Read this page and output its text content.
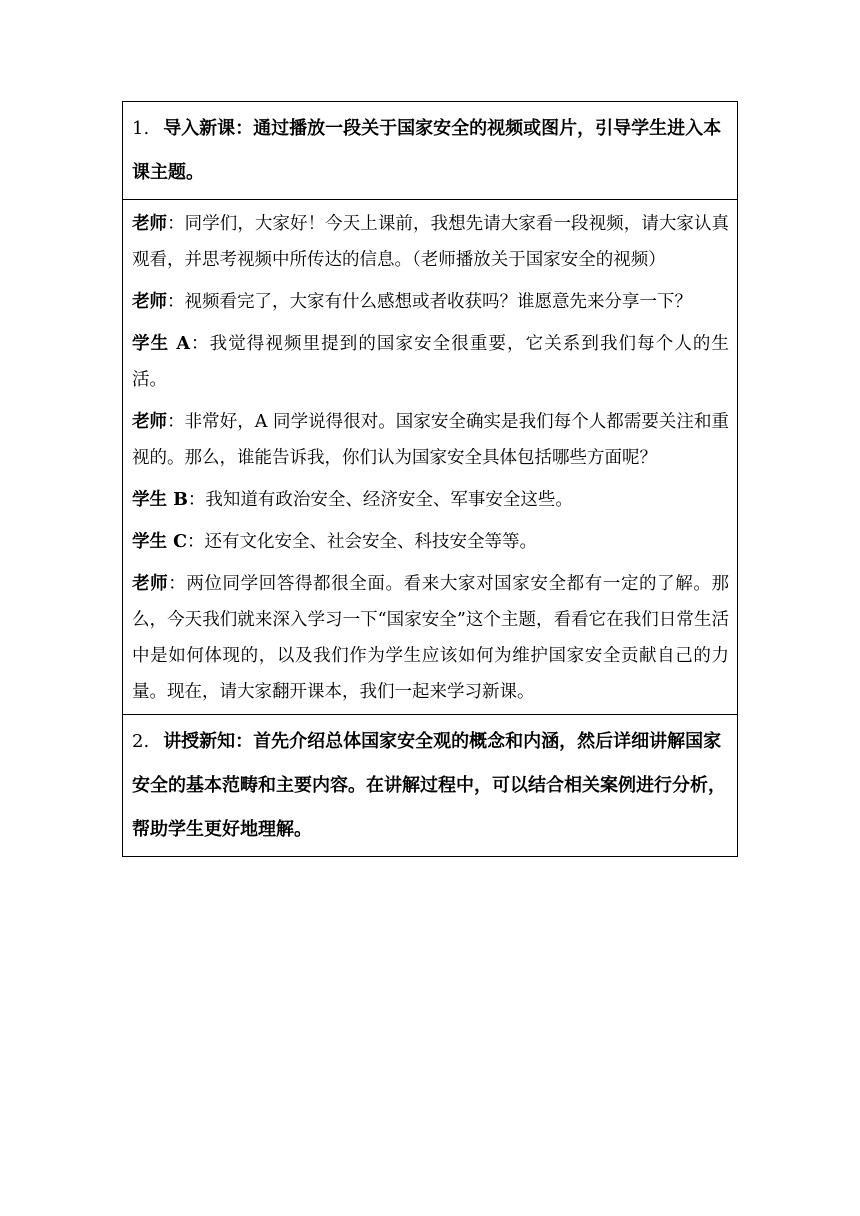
1. 导入新课：通过播放一段关于国家安全的视频或图片，引导学生进入本课主题。

老师：同学们，大家好！今天上课前，我想先请大家看一段视频，请大家认真观看，并思考视频中所传达的信息。（老师播放关于国家安全的视频）

老师：视频看完了，大家有什么感想或者收获吗？谁愿意先来分享一下？

学生 A：我觉得视频里提到的国家安全很重要，它关系到我们每个人的生活。

老师：非常好，A 同学说得很对。国家安全确实是我们每个人都需要关注和重视的。那么，谁能告诉我，你们认为国家安全具体包括哪些方面呢？

学生 B：我知道有政治安全、经济安全、军事安全这些。

学生 C：还有文化安全、社会安全、科技安全等等。

老师：两位同学回答得都很全面。看来大家对国家安全都有一定的了解。那么，今天我们就来深入学习一下“国家安全”这个主题，看看它在我们日常生活中是如何体现的，以及我们作为学生应该如何为维护国家安全贡献自己的力量。现在，请大家翻开课本，我们一起来学习新课。

2. 讲授新知：首先介绍总体国家安全观的概念和内涵，然后详细讲解国家安全的基本范畴和主要内容。在讲解过程中，可以结合相关案例进行分析，帮助学生更好地理解。
